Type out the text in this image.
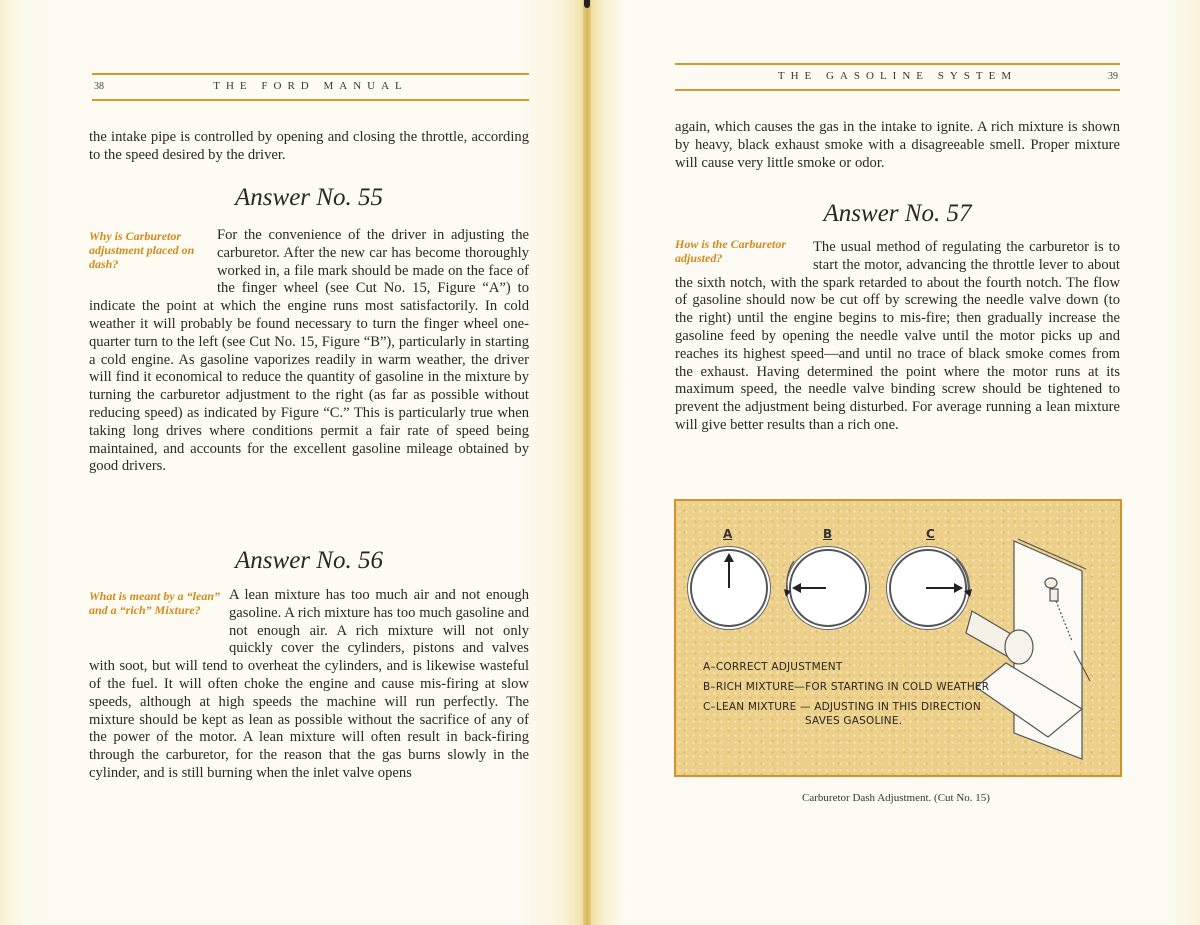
38	THE FORD MANUAL
the intake pipe is controlled by opening and closing the throttle, according to the speed desired by the driver.
Answer No. 55
Why is Carburetor adjustment placed on dash?
For the convenience of the driver in adjusting the carburetor. After the new car has become thoroughly worked in, a file mark should be made on the face of the finger wheel (see Cut No. 15, Figure “A”) to indicate the point at which the engine runs most satisfactorily. In cold weather it will probably be found necessary to turn the finger wheel one-quarter turn to the left (see Cut No. 15, Figure “B”), particularly in starting a cold engine. As gasoline vaporizes readily in warm weather, the driver will find it economical to reduce the quantity of gasoline in the mixture by turning the carburetor adjustment to the right (as far as possible without reducing speed) as indicated by Figure “C.” This is particularly true when taking long drives where conditions permit a fair rate of speed being maintained, and accounts for the excellent gasoline mileage obtained by good drivers.
Answer No. 56
What is meant by a “lean” and a “rich” Mixture?
A lean mixture has too much air and not enough gasoline. A rich mixture has too much gasoline and not enough air. A rich mixture will not only quickly cover the cylinders, pistons and valves with soot, but will tend to overheat the cylinders, and is likewise wasteful of the fuel. It will often choke the engine and cause mis-firing at slow speeds, although at high speeds the machine will run perfectly. The mixture should be kept as lean as possible without the sacrifice of any of the power of the motor. A lean mixture will often result in back-firing through the carburetor, for the reason that the gas burns slowly in the cylinder, and is still burning when the inlet valve opens
THE GASOLINE SYSTEM	39
again, which causes the gas in the intake to ignite. A rich mixture is shown by heavy, black exhaust smoke with a disagreeable smell. Proper mixture will cause very little smoke or odor.
Answer No. 57
How is the Carburetor adjusted?
The usual method of regulating the carburetor is to start the motor, advancing the throttle lever to about the sixth notch, with the spark retarded to about the fourth notch. The flow of gasoline should now be cut off by screwing the needle valve down (to the right) until the engine begins to mis-fire; then gradually increase the gasoline feed by opening the needle valve until the motor picks up and reaches its highest speed—and until no trace of black smoke comes from the exhaust. Having determined the point where the motor runs at its maximum speed, the needle valve binding screw should be tightened to prevent the adjustment being disturbed. For average running a lean mixture will give better results than a rich one.
A	B	C
A–CORRECT ADJUSTMENT
B–RICH MIXTURE—FOR STARTING IN COLD WEATHER
C–LEAN MIXTURE — ADJUSTING IN THIS DIRECTION
SAVES GASOLINE.
Carburetor Dash Adjustment. (Cut No. 15)
